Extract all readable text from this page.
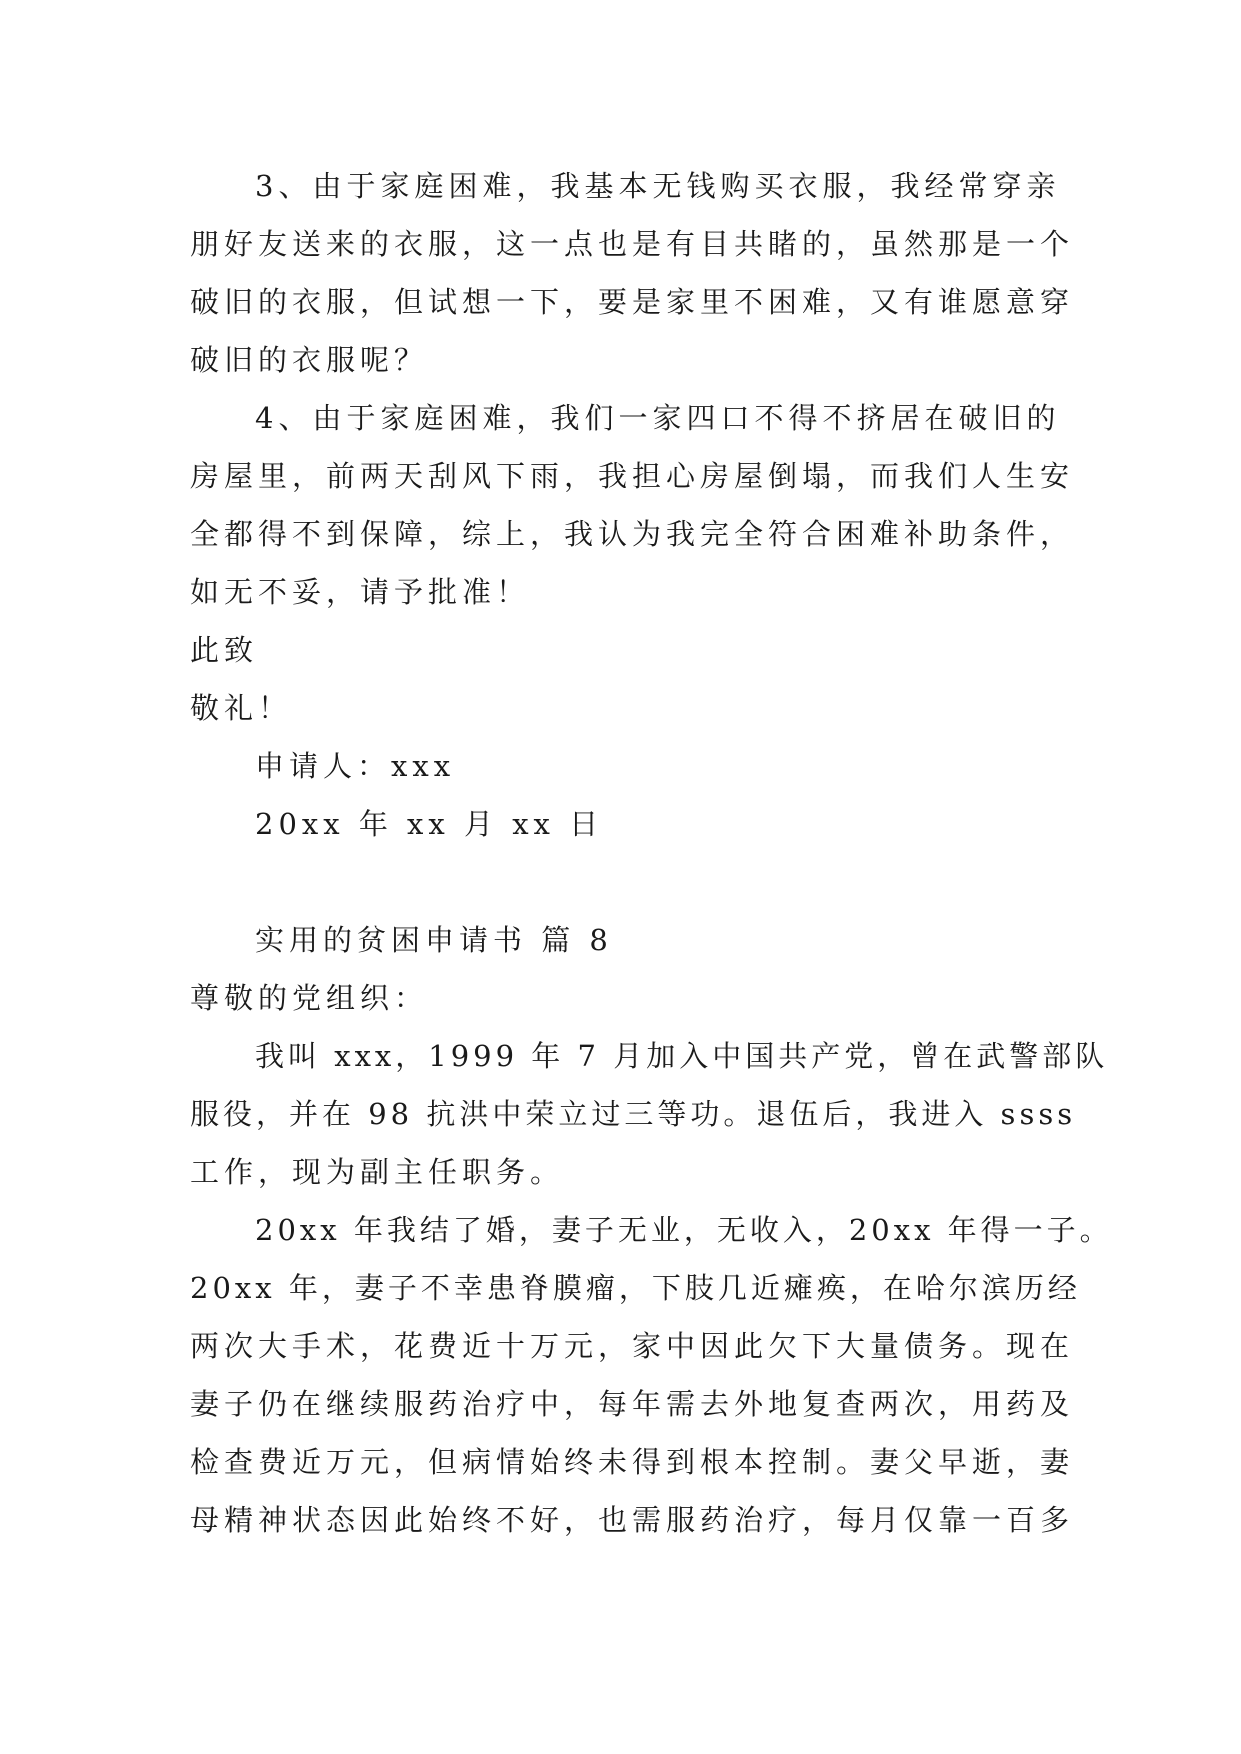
3、由于家庭困难，我基本无钱购买衣服，我经常穿亲
朋好友送来的衣服，这一点也是有目共睹的，虽然那是一个
破旧的衣服，但试想一下，要是家里不困难，又有谁愿意穿
破旧的衣服呢？
4、由于家庭困难，我们一家四口不得不挤居在破旧的
房屋里，前两天刮风下雨，我担心房屋倒塌，而我们人生安
全都得不到保障，综上，我认为我完全符合困难补助条件，
如无不妥，请予批准！
此致
敬礼！
申请人：xxx
20xx 年 xx 月 xx 日
实用的贫困申请书 篇 8
尊敬的党组织：
我叫 xxx，1999 年 7 月加入中国共产党，曾在武警部队
服役，并在 98 抗洪中荣立过三等功。退伍后，我进入 ssss
工作，现为副主任职务。
20xx 年我结了婚，妻子无业，无收入，20xx 年得一子。
20xx 年，妻子不幸患脊膜瘤，下肢几近瘫痪，在哈尔滨历经
两次大手术，花费近十万元，家中因此欠下大量债务。现在
妻子仍在继续服药治疗中，每年需去外地复查两次，用药及
检查费近万元，但病情始终未得到根本控制。妻父早逝，妻
母精神状态因此始终不好，也需服药治疗，每月仅靠一百多
